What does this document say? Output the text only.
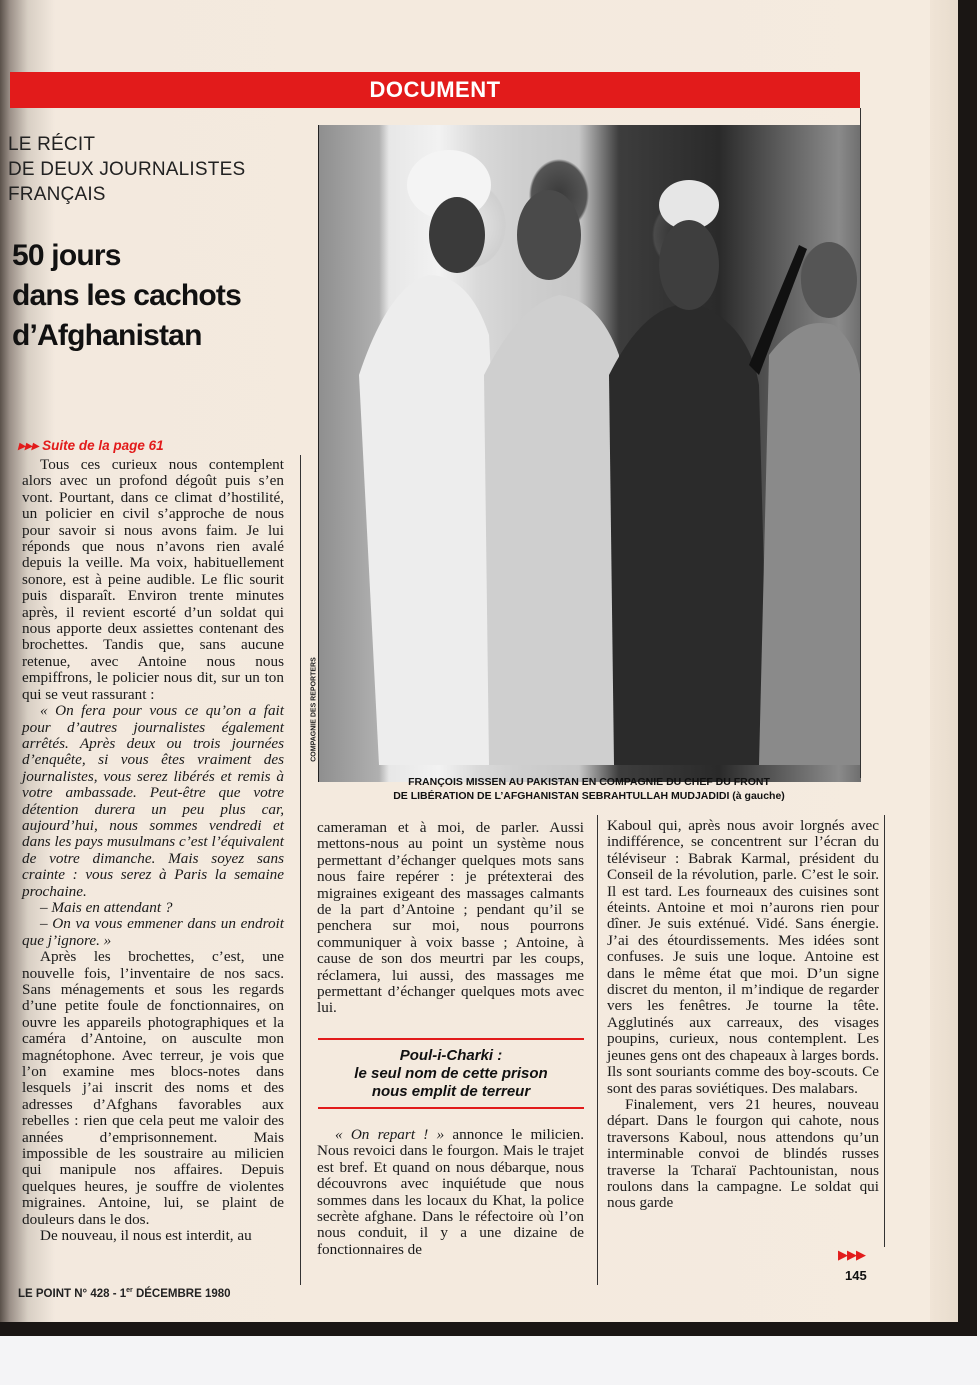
DOCUMENT
LE RÉCIT
DE DEUX JOURNALISTES
FRANÇAIS
50 jours
dans les cachots
d’Afghanistan
COMPAGNIE DES REPORTERS
FRANÇOIS MISSEN AU PAKISTAN EN COMPAGNIE DU CHEF DU FRONT
DE LIBÉRATION DE L’AFGHANISTAN SEBRAHTULLAH MUDJADIDI (à gauche)
▸▸▸ Suite de la page 61

Tous ces curieux nous contemplent alors avec un profond dégoût puis s’en vont. Pourtant, dans ce climat d’hostilité, un policier en civil s’approche de nous pour savoir si nous avons faim. Je lui réponds que nous n’avons rien avalé depuis la veille. Ma voix, habituellement sonore, est à peine audible. Le flic sourit puis disparaît. Environ trente minutes après, il revient escorté d’un soldat qui nous apporte deux assiettes contenant des brochettes. Tandis que, sans aucune retenue, avec Antoine nous nous empiffrons, le policier nous dit, sur un ton qui se veut rassurant :

« On fera pour vous ce qu’on a fait pour d’autres journalistes également arrêtés. Après deux ou trois journées d’enquête, si vous êtes vraiment des journalistes, vous serez libérés et remis à votre ambassade. Peut-être que votre détention durera un peu plus car, aujourd’hui, nous sommes vendredi et dans les pays musulmans c’est l’équivalent de votre dimanche. Mais soyez sans crainte : vous serez à Paris la semaine prochaine.

– Mais en attendant ?

– On va vous emmener dans un endroit que j’ignore. »

Après les brochettes, c’est, une nouvelle fois, l’inventaire de nos sacs. Sans ménagements et sous les regards d’une petite foule de fonctionnaires, on ouvre les appareils photographiques et la caméra d’Antoine, on ausculte mon magnétophone. Avec terreur, je vois que l’on examine mes blocs-notes dans lesquels j’ai inscrit des noms et des adresses d’Afghans favorables aux rebelles : rien que cela peut me valoir des années d’emprisonnement. Mais impossible de les soustraire au milicien qui manipule nos affaires. Depuis quelques heures, je souffre de violentes migraines. Antoine, lui, se plaint de douleurs dans le dos.

De nouveau, il nous est interdit, au

cameraman et à moi, de parler. Aussi mettons-nous au point un système nous permettant d’échanger quelques mots sans nous faire repérer : je prétexterai des migraines exigeant des massages calmants de la part d’Antoine ; pendant qu’il se penchera sur moi, nous pourrons communiquer à voix basse ; Antoine, à cause de son dos meurtri par les coups, réclamera, lui aussi, des massages me permettant d’échanger quelques mots avec lui.

Poul-i-Charki :
le seul nom de cette prison
nous emplit de terreur

« On repart ! » annonce le milicien. Nous revoici dans le fourgon. Mais le trajet est bref. Et quand on nous débarque, nous découvrons avec inquiétude que nous sommes dans les locaux du Khat, la police secrète afghane. Dans le réfectoire où l’on nous conduit, il y a une dizaine de fonctionnaires de

Kaboul qui, après nous avoir lorgnés avec indifférence, se concentrent sur l’écran du téléviseur : Babrak Karmal, président du Conseil de la révolution, parle. C’est le soir. Il est tard. Les fourneaux des cuisines sont éteints. Antoine et moi n’aurons rien pour dîner. Je suis exténué. Vidé. Sans énergie. J’ai des étourdissements. Mes idées sont confuses. Je suis une loque. Antoine est dans le même état que moi. D’un signe discret du menton, il m’indique de regarder vers les fenêtres. Je tourne la tête. Agglutinés aux carreaux, des visages poupins, curieux, nous contemplent. Les jeunes gens ont des chapeaux à larges bords. Ils sont souriants comme des boy-scouts. Ce sont des paras soviétiques. Des malabars.

Finalement, vers 21 heures, nouveau départ. Dans le fourgon qui cahote, nous traversons Kaboul, nous attendons qu’un interminable convoi de blindés russes traverse la Tcharaï Pachtounistan, nous roulons dans la campagne. Le soldat qui nous garde

▶▶▶
145
LE POINT N° 428 - 1er DÉCEMBRE 1980
